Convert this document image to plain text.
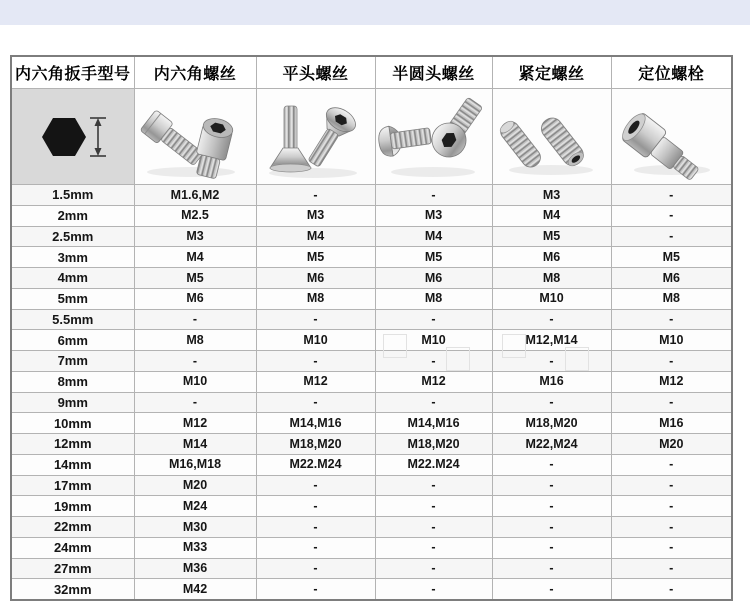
内六角扳手型号	内六角螺丝	平头螺丝	半圆头螺丝	紧定螺丝	定位螺栓

1.5mm	M1.6,M2	-	-	M3	-
2mm	M2.5	M3	M3	M4	-
2.5mm	M3	M4	M4	M5	-
3mm	M4	M5	M5	M6	M5
4mm	M5	M6	M6	M8	M6
5mm	M6	M8	M8	M10	M8
5.5mm	-	-	-	-	-
6mm	M8	M10	M10	M12,M14	M10
7mm	-	-	-	-	-
8mm	M10	M12	M12	M16	M12
9mm	-	-	-	-	-
10mm	M12	M14,M16	M14,M16	M18,M20	M16
12mm	M14	M18,M20	M18,M20	M22,M24	M20
14mm	M16,M18	M22.M24	M22.M24	-	-
17mm	M20	-	-	-	-
19mm	M24	-	-	-	-
22mm	M30	-	-	-	-
24mm	M33	-	-	-	-
27mm	M36	-	-	-	-
32mm	M42	-	-	-	-
